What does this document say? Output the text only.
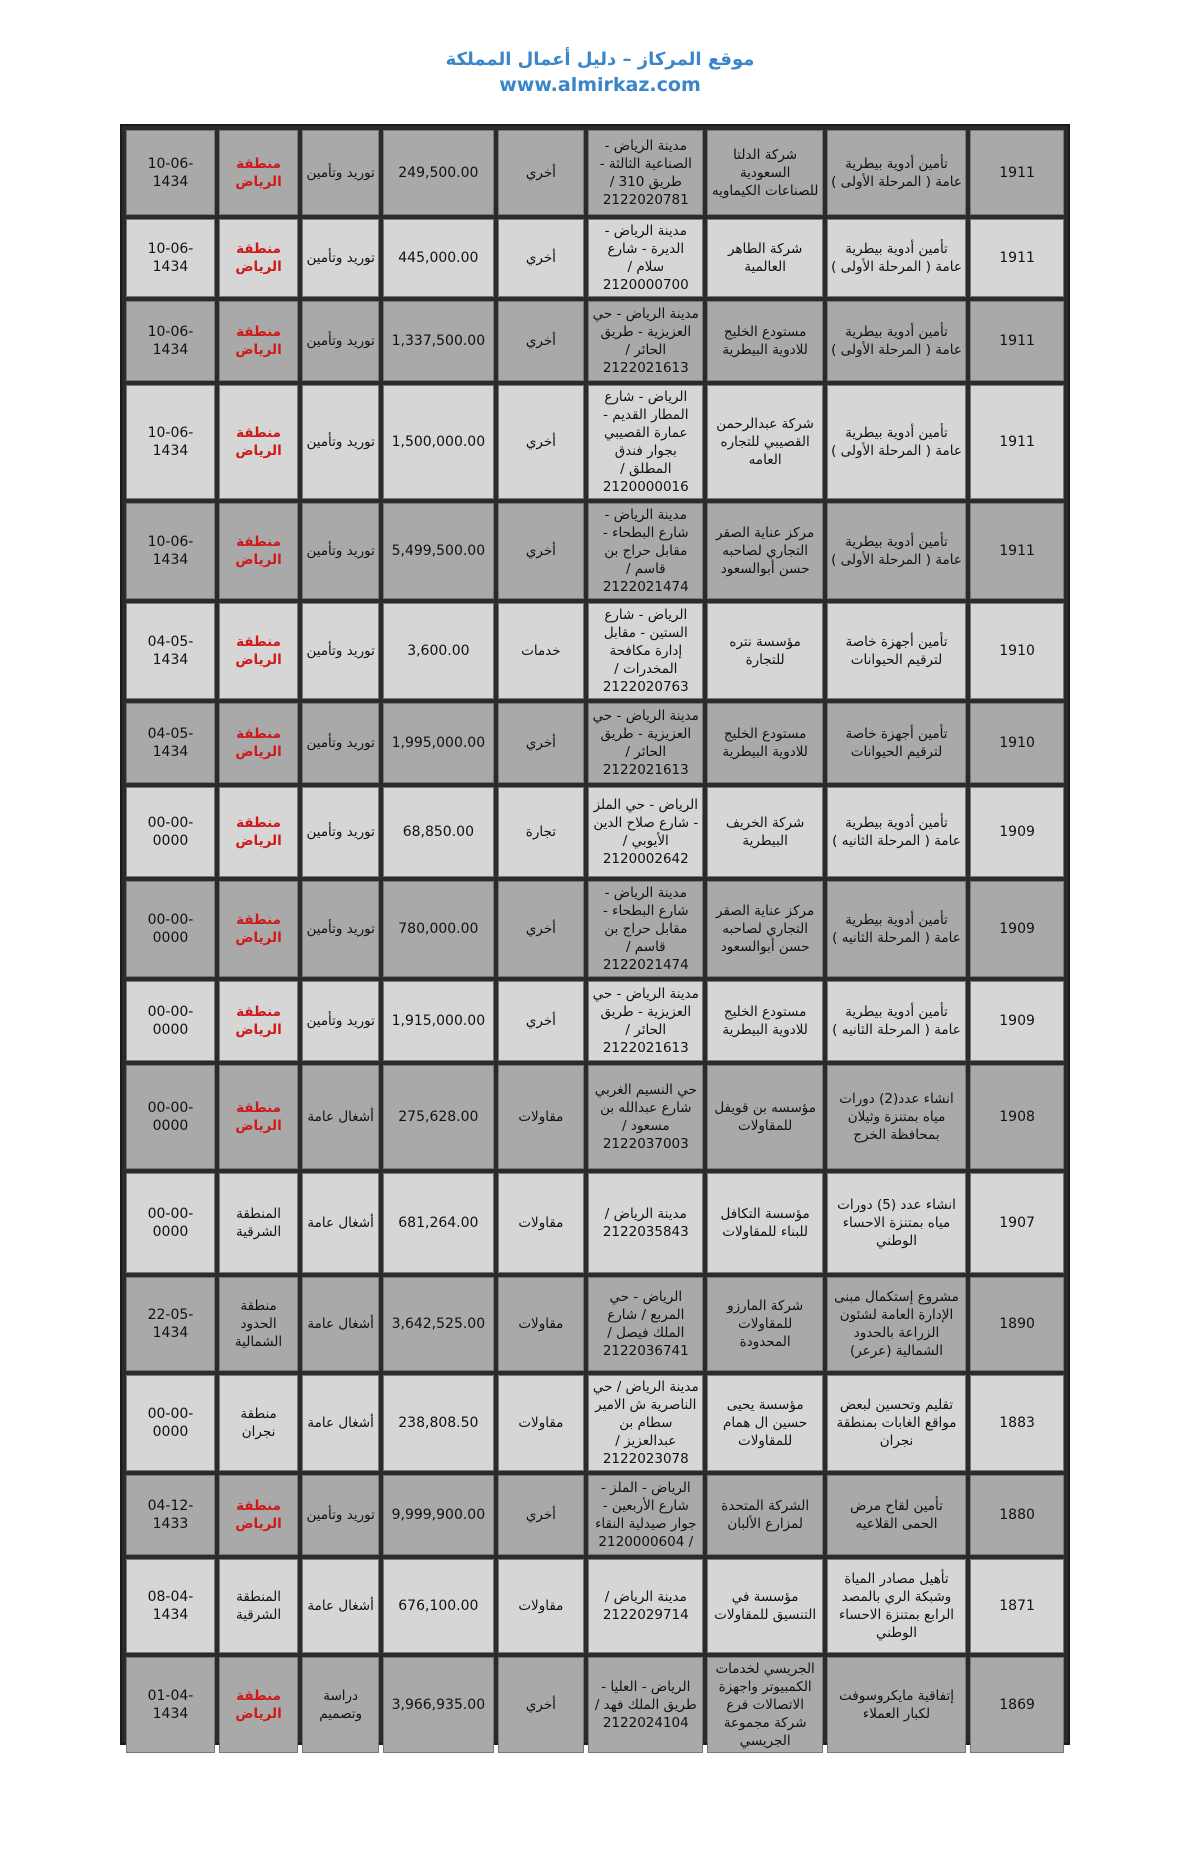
موقع المركاز – دليل أعمال المملكة
www.almirkaz.com
10-06-1434	منطقة الرياض	توريد وتأمين	249,500.00	أخري	مدينة الرياض - الصناعية الثالثة - طريق 310 / 2122020781	شركة الدلتا السعودية للصناعات الكيماويه	تأمين أدوية بيطرية عامة ( المرحلة الأولى )	1911
10-06-1434	منطقة الرياض	توريد وتأمين	445,000.00	أخري	مدينة الرياض - الديرة - شارع سلام / 2120000700	شركة الطاهر العالمية	تأمين أدوية بيطرية عامة ( المرحلة الأولى )	1911
10-06-1434	منطقة الرياض	توريد وتأمين	1,337,500.00	أخري	مدينة الرياض - حي العزيزية - طريق الحائر / 2122021613	مستودع الخليج للادوية البيطرية	تأمين أدوية بيطرية عامة ( المرحلة الأولى )	1911
10-06-1434	منطقة الرياض	توريد وتأمين	1,500,000.00	أخري	الرياض - شارع المطار القديم - عمارة القصيبي بجوار فندق المطلق / 2120000016	شركة عبدالرحمن القصيبي للتجاره العامه	تأمين أدوية بيطرية عامة ( المرحلة الأولى )	1911
10-06-1434	منطقة الرياض	توريد وتأمين	5,499,500.00	أخري	مدينة الرياض - شارع البطحاء - مقابل حراج بن قاسم / 2122021474	مركز عناية الصقر التجاري لصاحبه حسن أبوالسعود	تأمين أدوية بيطرية عامة ( المرحلة الأولى )	1911
04-05-1434	منطقة الرياض	توريد وتأمين	3,600.00	خدمات	الرياض - شارع الستين - مقابل إدارة مكافحة المخدرات / 2122020763	مؤسسة نتره للتجارة	تأمين أجهزة خاصة لترقيم الحيوانات	1910
04-05-1434	منطقة الرياض	توريد وتأمين	1,995,000.00	أخري	مدينة الرياض - حي العزيزية - طريق الحائر / 2122021613	مستودع الخليج للادوية البيطرية	تأمين أجهزة خاصة لترقيم الحيوانات	1910
00-00-0000	منطقة الرياض	توريد وتأمين	68,850.00	تجارة	الرياض - حي الملز - شارع صلاح الدين الأيوبي / 2120002642	شركة الخريف البيطرية	تأمين أدوية بيطرية عامة ( المرحلة الثانيه )	1909
00-00-0000	منطقة الرياض	توريد وتأمين	780,000.00	أخري	مدينة الرياض - شارع البطحاء - مقابل حراج بن قاسم / 2122021474	مركز عناية الصقر التجاري لصاحبه حسن أبوالسعود	تأمين أدوية بيطرية عامة ( المرحلة الثانيه )	1909
00-00-0000	منطقة الرياض	توريد وتأمين	1,915,000.00	أخري	مدينة الرياض - حي العزيزية - طريق الحائر / 2122021613	مستودع الخليج للادوية البيطرية	تأمين أدوية بيطرية عامة ( المرحلة الثانيه )	1909
00-00-0000	منطقة الرياض	أشغال عامة	275,628.00	مقاولات	حي النسيم الغربي شارع عبدالله بن مسعود / 2122037003	مؤسسه بن قويفل للمقاولات	انشاء عدد(2) دورات مياه بمتنزة وثيلان بمحافظة الخرج	1908
00-00-0000	المنطقة الشرقية	أشغال عامة	681,264.00	مقاولات	مدينة الرياض / 2122035843	مؤسسة التكافل للبناء للمقاولات	انشاء عدد (5) دورات مياه بمتنزة الاحساء الوطني	1907
22-05-1434	منطقة الحدود الشمالية	أشغال عامة	3,642,525.00	مقاولات	الرياض - حي المربع / شارع الملك فيصل / 2122036741	شركة المارزو للمقاولات المحدودة	مشروع إستكمال مبنى الإدارة العامة لشئون الزراعة بالحدود الشمالية (عرعر)	1890
00-00-0000	منطقة نجران	أشغال عامة	238,808.50	مقاولات	مدينة الرياض / حي الناصرية ش الامير سطام بن عبدالعزيز / 2122023078	مؤسسة يحيى حسين ال همام للمقاولات	تقليم وتحسين لبعض مواقع الغابات بمنطقة نجران	1883
04-12-1433	منطقة الرياض	توريد وتأمين	9,999,900.00	أخري	الرياض - الملز - شارع الأربعين - جوار صيدلية النقاء / 2120000604	الشركة المتحدة لمزارع الألبان	تأمين لقاح مرض الحمى القلاعيه	1880
08-04-1434	المنطقة الشرقية	أشغال عامة	676,100.00	مقاولات	مدينة الرياض / 2122029714	مؤسسة في التنسيق للمقاولات	تأهيل مصادر المياة وشبكة الري بالمصد الرابع بمتنزة الاحساء الوطني	1871
01-04-1434	منطقة الرياض	دراسة وتصميم	3,966,935.00	أخري	الرياض - العليا - طريق الملك فهد / 2122024104	الجريسي لخدمات الكمبيوتر واجهزة الاتصالات فرع شركة مجموعة الجريسي	إتفاقية مايكروسوفت لكبار العملاء	1869
